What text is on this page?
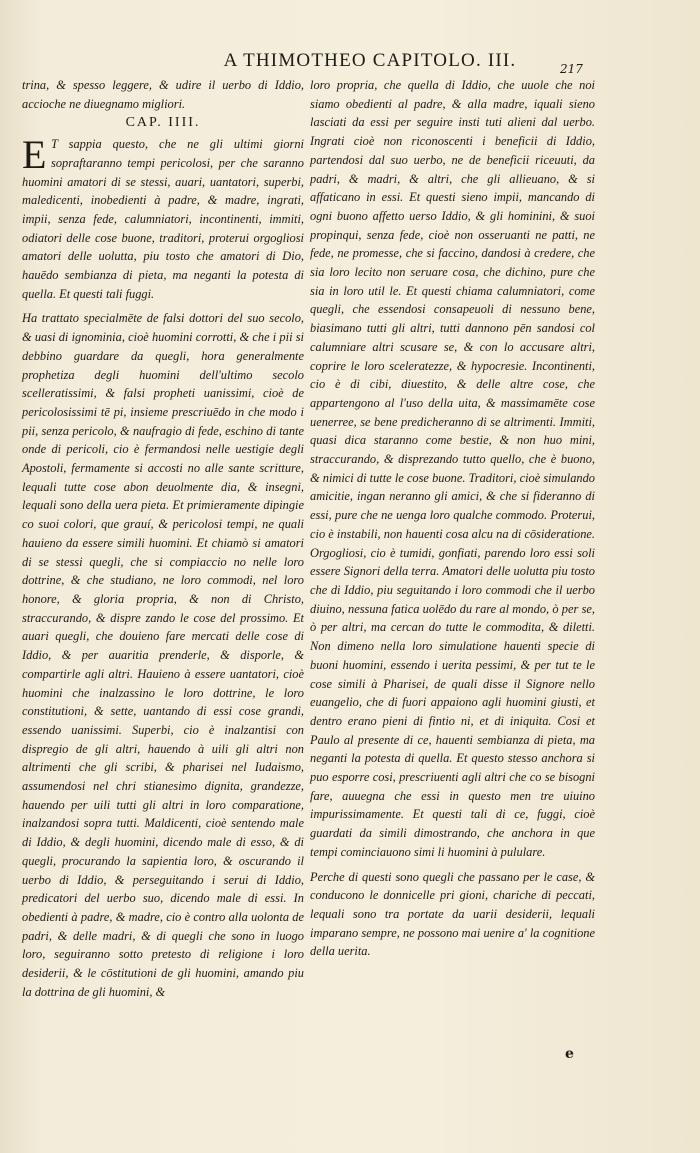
A THIMOTHEO CAPITOLO. III.	217

trina, & spesso leggere, & udire il uerbo di Iddio, accioche ne diuegnamo migliori.

CAP. IIII.

E T sappia questo, che ne gli ultimi giorni sopraftaranno tempi pericolosi, per che saranno huomini amatori di se stessi, auari, uantatori, superbi, maledicenti, inobedienti à padre, & madre, ingrati, impii, senza fede, calumniatori, incontinenti, immiti, odiatori delle cose buone, traditori, proterui orgogliosi amatori delle uolutta, piu tosto che amatori di Dio, hauēdo sembianza di pieta, ma neganti la potesta di quella. Et questi tali fuggi.

Ha trattato specialmēte de falsi dottori del suo secolo, & uasi di ignominia, cioè huomini corrotti, & che i pii si debbino guardare da quegli, hora generalmente prophetiza degli huomini dell'ultimo secolo scelleratissimi, & falsi propheti uanissimi, cioè de pericolosissimi tē pi, insieme prescriuēdo in che modo i pii, senza pericolo, & naufragio di fede, eschino di tante onde di pericoli, cio è fermandosi nelle uestigie degli Apostoli, fermamente si accosti no alle sante scritture, lequali tutte cose abon deuolmente dia, & insegni, lequali sono della uera pieta. Et primieramente dipingie co suoi colori, que grauí, & pericolosi tempi, ne quali hauieno da essere simili huomini. Et chiamò si amatori di se stessi quegli, che si compiaccio no nelle loro dottrine, & che studiano, ne loro commodi, nel loro honore, & gloria propria, & non di Christo, straccurando, & dispre zando le cose del prossimo. Et auari quegli, che douieno fare mercati delle cose di Iddio, & per auaritia prenderle, & disporle, & compartirle agli altri. Hauieno à essere uantatori, cioè huomini che inalzassino le loro dottrine, le loro constitutioni, & sette, uantando di essi cose grandi, essendo uanissimi. Superbi, cio è inalzantisi con dispregio de gli altri, hauendo à uili gli altri non altrimenti che gli scribi, & pharisei nel Iudaismo, assumendosi nel chri stianesimo dignita, grandezze, hauendo per uili tutti gli altri in loro comparatione, inalzandosi sopra tutti. Maldicenti, cioè sentendo male di Iddio, & degli huomini, dicendo male di esso, & di quegli, procurando la sapientia loro, & oscurando il uerbo di Iddio, & perseguitando i serui di Iddio, predicatori del uerbo suo, dicendo male di essi. In obedienti à padre, & madre, cio è contro alla uolonta de padri, & delle madri, & di quegli che sono in luogo loro, seguiranno sotto pretesto di religione i loro desiderii, & le cōstitutioni de gli huomini, amando piu la dottrina de gli huomini, &

loro propria, che quella di Iddio, che uuole che noi siamo obedienti al padre, & alla madre, iquali sieno lasciati da essi per seguire insti tuti alieni dal uerbo. Ingrati cioè non riconoscenti i beneficii di Iddio, partendosi dal suo uerbo, ne de beneficii riceuuti, da padri, & madri, & altri, che gli allieuano, & si affaticano in essi. Et questi sieno impii, mancando di ogni buono affetto uerso Iddio, & gli hominini, & suoi propinqui, senza fede, cioè non osseruanti ne patti, ne fede, ne promesse, che si faccino, dandosi à credere, che sia loro lecito non seruare cosa, che dichino, pure che sia in loro util le. Et questi chiama calumniatori, come quegli, che essendosi consapeuoli di nessuno bene, biasimano tutti gli altri, tutti dannono pēn sandosi col calumniare altri scusare se, & con lo accusare altri, coprire le loro sceleratezze, & hypocresie. Incontinenti, cio è di cibi, diuestito, & delle altre cose, che appartengono al l'uso della uita, & massimamēte cose uenerree, se bene predicheranno di se altrimenti. Immiti, quasi dica staranno come bestie, & non huo mini, straccurando, & disprezando tutto quello, che è buono, & nimici di tutte le cose buone. Traditori, cioè simulando amicitie, ingan neranno gli amici, & che si fideranno di essi, pure che ne uenga loro qualche commodo. Proterui, cio è instabili, non hauenti cosa alcu na di cōsideratione. Orgogliosi, cio è tumidi, gonfiati, parendo loro essi soli essere Signori della terra. Amatori delle uolutta piu tosto che di Iddio, piu seguitando i loro commodi che il uerbo diuino, nessuna fatica uolēdo du rare al mondo, ò per se, ò per altri, ma cercan do tutte le commodita, & diletti. Non dimeno nella loro simulatione hauenti specie di buoni huomini, essendo i uerita pessimi, & per tut te le cose simili à Pharisei, de quali disse il Signore nello euangelio, che di fuori appaiono agli huomini giusti, et dentro erano pieni di fintio ni, et di iniquita. Cosi et Paulo al presente di ce, hauenti sembianza di pieta, ma neganti la potesta di quella. Et questo stesso anchora si puo esporre cosi, prescriuenti agli altri che co se bisogni fare, auuegna che essi in questo men tre uiuino impurissimamente. Et questi tali di ce, fuggi, cioè guardati da simili dimostrando, che anchora in que tempi cominciauono simi li huomini à pululare.

Perche di questi sono quegli che passano per le case, & conducono le donnicelle pri gioni, chariche di peccati, lequali sono tra portate da uarii desiderii, lequali imparano sempre, ne possono mai uenire a' la cognitione della uerita.

e
